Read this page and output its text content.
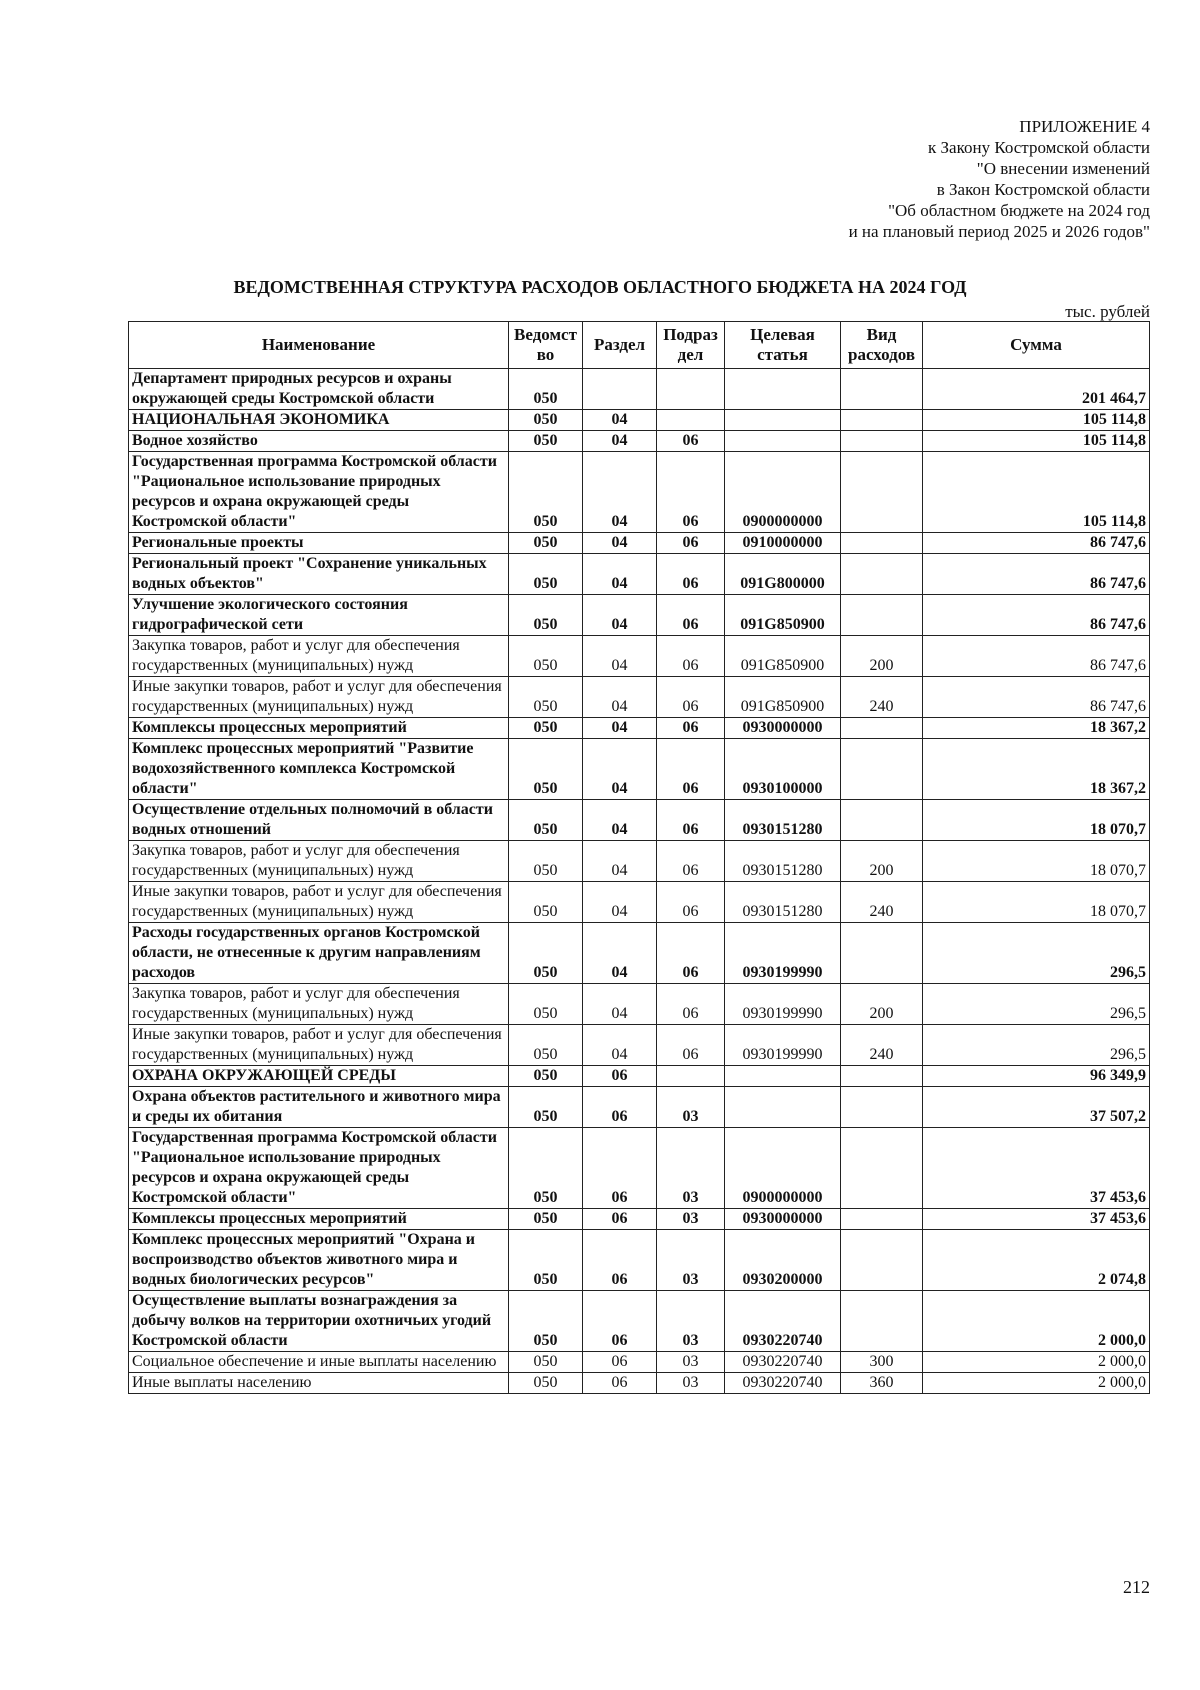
ПРИЛОЖЕНИЕ 4
к Закону Костромской области
"О внесении изменений
в Закон Костромской области
"Об областном бюджете на 2024 год
и на плановый период 2025 и 2026 годов"
ВЕДОМСТВЕННАЯ СТРУКТУРА РАСХОДОВ ОБЛАСТНОГО БЮДЖЕТА НА 2024 ГОД
тыс. рублей
Наименование	Ведомст во	Раздел	Подраз дел	Целевая статья	Вид расходов	Сумма
Департамент природных ресурсов и охраны окружающей среды Костромской области	050					201 464,7
НАЦИОНАЛЬНАЯ ЭКОНОМИКА	050	04				105 114,8
Водное хозяйство	050	04	06			105 114,8
Государственная программа Костромской области "Рациональное использование природных ресурсов и охрана окружающей среды Костромской области"	050	04	06	0900000000		105 114,8
Региональные проекты	050	04	06	0910000000		86 747,6
Региональный проект "Сохранение уникальных водных объектов"	050	04	06	091G800000		86 747,6
Улучшение экологического состояния гидрографической сети	050	04	06	091G850900		86 747,6
Закупка товаров, работ и услуг для обеспечения государственных (муниципальных) нужд	050	04	06	091G850900	200	86 747,6
Иные закупки товаров, работ и услуг для обеспечения государственных (муниципальных) нужд	050	04	06	091G850900	240	86 747,6
Комплексы процессных мероприятий	050	04	06	0930000000		18 367,2
Комплекс процессных мероприятий "Развитие водохозяйственного комплекса Костромской области"	050	04	06	0930100000		18 367,2
Осуществление отдельных полномочий в области водных отношений	050	04	06	0930151280		18 070,7
Закупка товаров, работ и услуг для обеспечения государственных (муниципальных) нужд	050	04	06	0930151280	200	18 070,7
Иные закупки товаров, работ и услуг для обеспечения государственных (муниципальных) нужд	050	04	06	0930151280	240	18 070,7
Расходы государственных органов Костромской области, не отнесенные к другим направлениям расходов	050	04	06	0930199990		296,5
Закупка товаров, работ и услуг для обеспечения государственных (муниципальных) нужд	050	04	06	0930199990	200	296,5
Иные закупки товаров, работ и услуг для обеспечения государственных (муниципальных) нужд	050	04	06	0930199990	240	296,5
ОХРАНА ОКРУЖАЮЩЕЙ СРЕДЫ	050	06				96 349,9
Охрана объектов растительного и животного мира и среды их обитания	050	06	03			37 507,2
Государственная программа Костромской области "Рациональное использование природных ресурсов и охрана окружающей среды Костромской области"	050	06	03	0900000000		37 453,6
Комплексы процессных мероприятий	050	06	03	0930000000		37 453,6
Комплекс процессных мероприятий "Охрана и воспроизводство объектов животного мира и водных биологических ресурсов"	050	06	03	0930200000		2 074,8
Осуществление выплаты вознаграждения за добычу волков на территории охотничьих угодий Костромской области	050	06	03	0930220740		2 000,0
Социальное обеспечение и иные выплаты населению	050	06	03	0930220740	300	2 000,0
Иные выплаты населению	050	06	03	0930220740	360	2 000,0
212
